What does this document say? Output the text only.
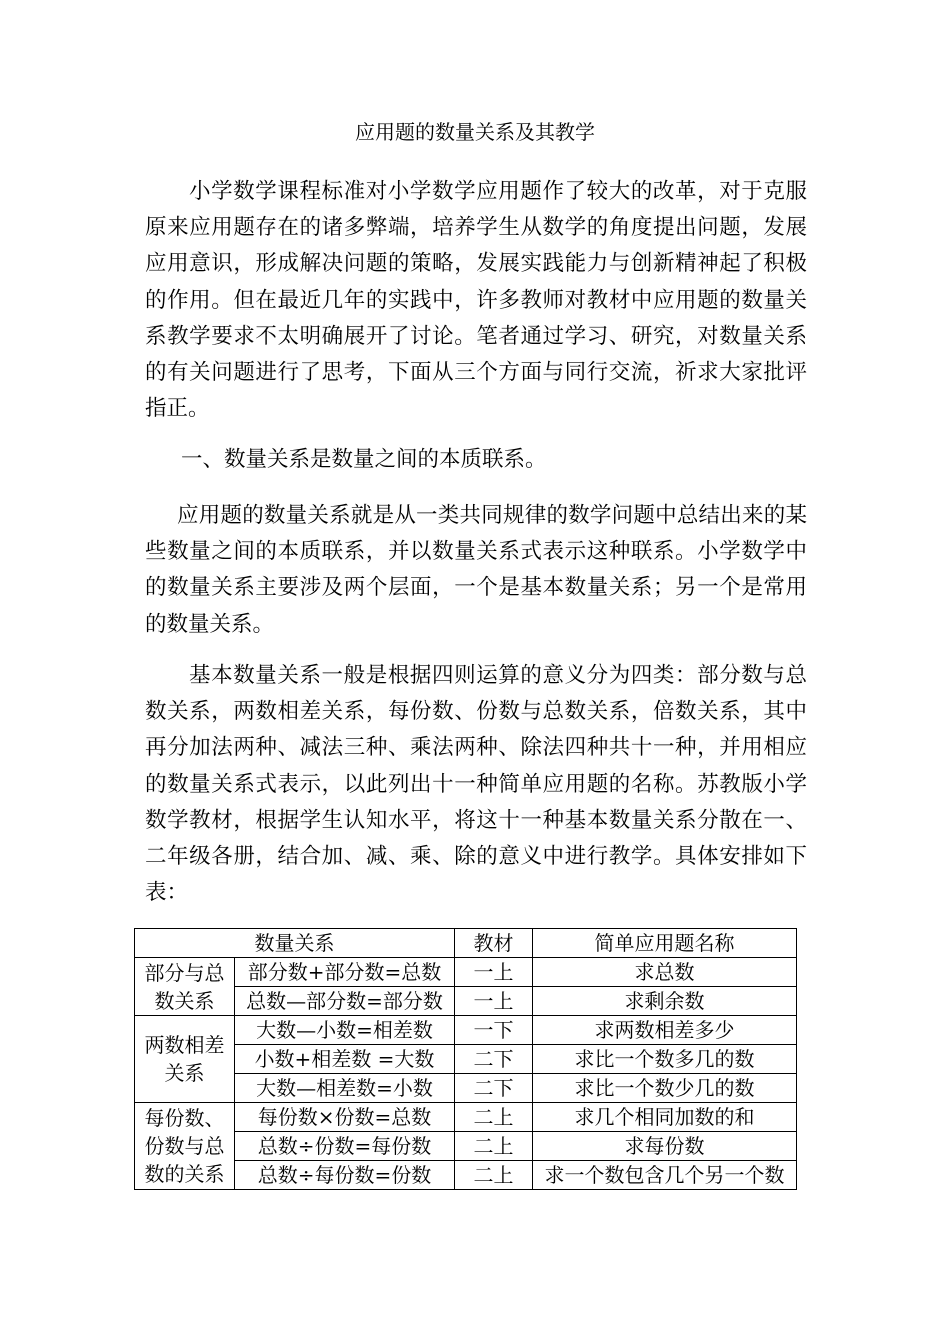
应用题的数量关系及其教学

小学数学课程标准对小学数学应用题作了较大的改革，对于克服原来应用题存在的诸多弊端，培养学生从数学的角度提出问题，发展应用意识，形成解决问题的策略，发展实践能力与创新精神起了积极的作用。但在最近几年的实践中，许多教师对教材中应用题的数量关系教学要求不太明确展开了讨论。笔者通过学习、研究，对数量关系的有关问题进行了思考，下面从三个方面与同行交流，祈求大家批评指正。

一、数量关系是数量之间的本质联系。

应用题的数量关系就是从一类共同规律的数学问题中总结出来的某些数量之间的本质联系，并以数量关系式表示这种联系。小学数学中的数量关系主要涉及两个层面，一个是基本数量关系；另一个是常用的数量关系。

基本数量关系一般是根据四则运算的意义分为四类：部分数与总数关系，两数相差关系，每份数、份数与总数关系，倍数关系，其中再分加法两种、减法三种、乘法两种、除法四种共十一种，并用相应的数量关系式表示，以此列出十一种简单应用题的名称。苏教版小学数学教材，根据学生认知水平，将这十一种基本数量关系分散在一、二年级各册，结合加、减、乘、除的意义中进行教学。具体安排如下表：

数量关系		教材	简单应用题名称
部分与总数关系	部分数+部分数=总数	一上	求总数
	总数—部分数=部分数	一上	求剩余数
两数相差关系	大数—小数=相差数	一下	求两数相差多少
	小数+相差数 =大数	二下	求比一个数多几的数
	大数—相差数=小数	二下	求比一个数少几的数
每份数、份数与总数的关系	每份数×份数=总数	二上	求几个相同加数的和
	总数÷份数=每份数	二上	求每份数
	总数÷每份数=份数	二上	求一个数包含几个另一个数
